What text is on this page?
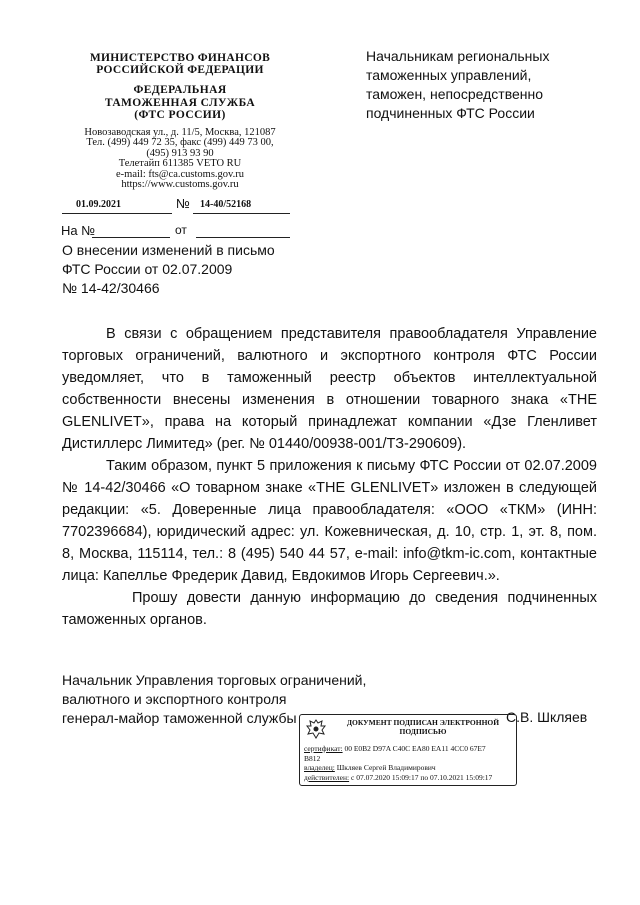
МИНИСТЕРСТВО ФИНАНСОВ
РОССИЙСКОЙ ФЕДЕРАЦИИ
ФЕДЕРАЛЬНАЯ
ТАМОЖЕННАЯ СЛУЖБА
(ФТС РОССИИ)
Новозаводская ул., д. 11/5, Москва, 121087
Тел. (499) 449 72 35, факс (499) 449 73 00,
(495) 913 93 90
Телетайп 611385 VETO RU
e-mail: fts@ca.customs.gov.ru
https://www.customs.gov.ru
Начальникам региональных
таможенных управлений,
таможен, непосредственно
подчиненных ФТС России
01.09.2021	№ 14-40/52168
На №	от
О внесении изменений в письмо
ФТС России от 02.07.2009
№ 14-42/30466

В связи с обращением представителя правообладателя Управление торговых ограничений, валютного и экспортного контроля ФТС России уведомляет, что в таможенный реестр объектов интеллектуальной собственности внесены изменения в отношении товарного знака «THE GLENLIVET», права на который принадлежат компании «Дзе Гленливет Дистиллерс Лимитед» (рег. № 01440/00938-001/ТЗ-290609).

Таким образом, пункт 5 приложения к письму ФТС России от 02.07.2009 № 14-42/30466 «О товарном знаке «THE GLENLIVET» изложен в следующей редакции: «5. Доверенные лица правообладателя: «ООО «ТКМ» (ИНН: 7702396684), юридический адрес: ул. Кожевническая, д. 10, стр. 1, эт. 8, пом. 8, Москва, 115114, тел.: 8 (495) 540 44 57, e-mail: info@tkm-ic.com, контактные лица: Капелльe Фредерик Давид, Евдокимов Игорь Сергеевич.».

Прошу довести данную информацию до сведения подчиненных таможенных органов.

Начальник Управления торговых ограничений,
валютного и экспортного контроля
генерал-майор таможенной службы	С.В. Шкляев
ДОКУМЕНТ ПОДПИСАН ЭЛЕКТРОННОЙ
ПОДПИСЬЮ
сертификат: 00 E0B2 D97A C40C EA80 EA11 4CC0 67E7
B812
владелец: Шкляев Сергей Владимирович
действителен: с 07.07.2020 15:09:17 по 07.10.2021 15:09:17
